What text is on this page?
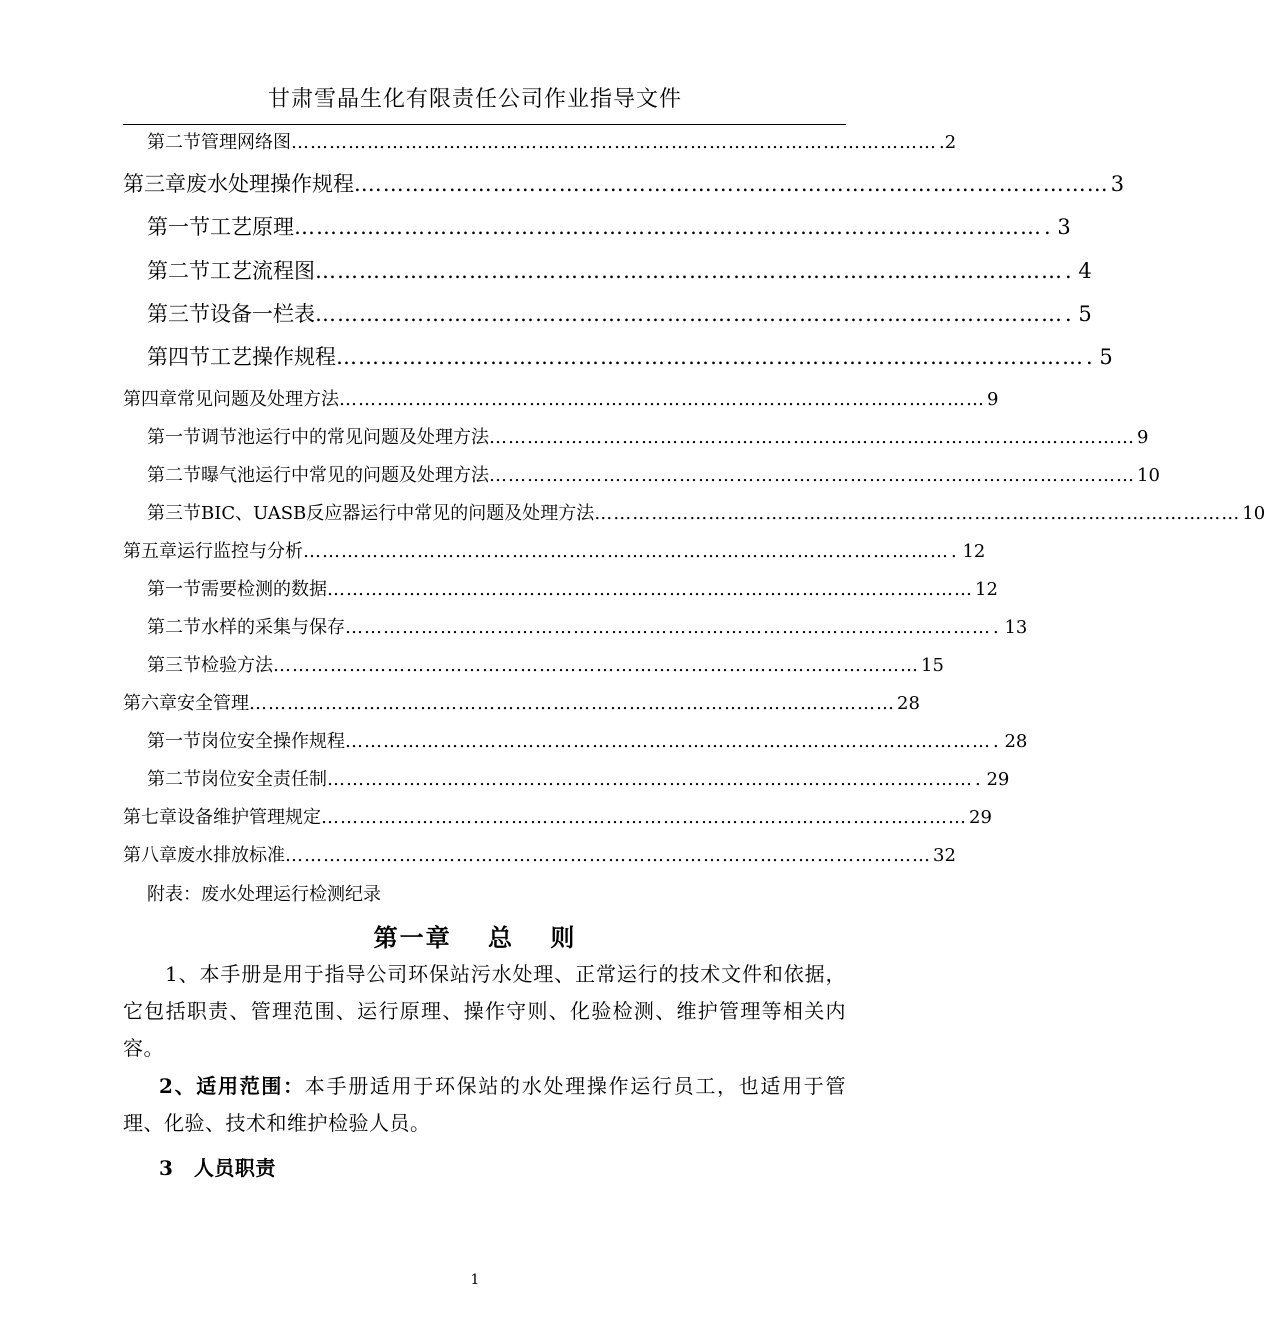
甘肃雪晶生化有限责任公司作业指导文件
第二节 管理网络图 ………………………………………………………………………………………… .2
第三章 废水处理操作规程. ………………………………………………………………………………………… 3
第一节 工艺原理 ………………………………………………………………………………………… . 3
第二节 工艺流程图 ………………………………………………………………………………………… . 4
第三节 设备一栏表 ………………………………………………………………………………………… . 5
第四节 工艺操作规程 ………………………………………………………………………………………… . 5
第四章 常见问题及处理方法 ………………………………………………………………………………………… 9
第一节 调节池运行中的常见问题及处理方法 ………………………………………………………………………………………… 9
第二节 曝气池运行中常见的问题及处理方法 ………………………………………………………………………………………… 10
第三节 BIC、UASB反应器运行中常见的问题及处理方法 ………………………………………………………………………………………… 10
第五章 运行监控与分析 ………………………………………………………………………………………… . 12
第一节 需要检测的数据 ………………………………………………………………………………………… 12
第二节 水样的采集与保存 ………………………………………………………………………………………… . 13
第三节 检验方法 ………………………………………………………………………………………… 15
第六章 安全管理 ………………………………………………………………………………………… 28
第一节 岗位安全操作规程 ………………………………………………………………………………………… . 28
第二节 岗位安全责任制 ………………………………………………………………………………………… . 29
第七章 设备维护管理规定 ………………………………………………………………………………………… 29
第八章 废水排放标准 ………………………………………………………………………………………… 32
附表：废水处理运行检测纪录
第一章　 总　 则
1、本手册是用于指导公司环保站污水处理、正常运行的技术文件和依据，它包括职责、管理范围、运行原理、操作守则、化验检测、维护管理等相关内容。
2、适用范围：本手册适用于环保站的水处理操作运行员工，也适用于管理、化验、技术和维护检验人员。
3　人员职责
1
